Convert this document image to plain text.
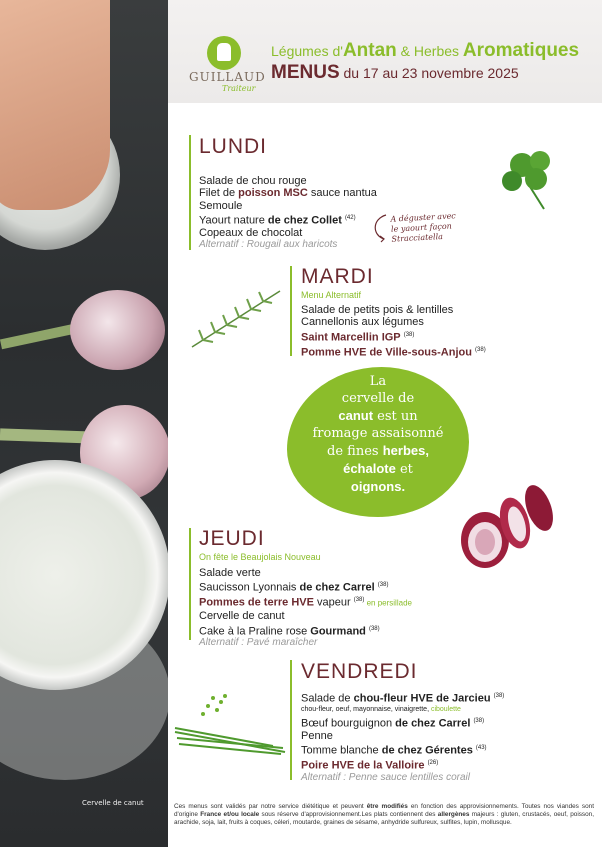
Cervelle de canut
GUILLAUD
Traiteur
Légumes d'Antan & Herbes Aromatiques
MENUS du 17 au 23 novembre 2025
LUNDI
Salade de chou rouge
Filet de poisson MSC sauce nantua
Semoule
Yaourt nature de chez Collet $^{(42)}$
Copeaux de chocolat
Alternatif : Rougail aux haricots
A déguster avec
le yaourt façon
Stracciatella
MARDI
Menu Alternatif
Salade de petits pois & lentilles
Cannellonis aux légumes
Saint Marcellin IGP $^{(38)}$
Pomme HVE de Ville-sous-Anjou $^{(38)}$
La
cervelle de
canut est un
fromage assaisonné
de fines herbes,
échalote et
oignons.
JEUDI
On fête le Beaujolais Nouveau
Salade verte
Saucisson Lyonnais de chez Carrel $^{(38)}$
Pommes de terre HVE vapeur $^{(38)}$ en persillade
Cervelle de canut
Cake à la Praline rose Gourmand $^{(38)}$
Alternatif : Pavé maraîcher
VENDREDI
Salade de chou-fleur HVE de Jarcieu $^{(38)}$
chou-fleur, oeuf, mayonnaise, vinaigrette, ciboulette
Bœuf bourguignon de chez Carrel $^{(38)}$
Penne
Tomme blanche de chez Gérentes $^{(43)}$
Poire HVE de la Valloire $^{(26)}$
Alternatif : Penne sauce lentilles corail
Ces menus sont validés par notre service diététique et peuvent être modifiés en fonction des approvisionnements. Toutes nos viandes sont d'origine France et/ou locale sous réserve d'approvisionnement.Les plats contiennent des allergènes majeurs : gluten, crustacés, oeuf, poisson, arachide, soja, lait, fruits à coques, céleri, moutarde, graines de sésame, anhydride sulfureux, sulfites, lupin, mollusque.
